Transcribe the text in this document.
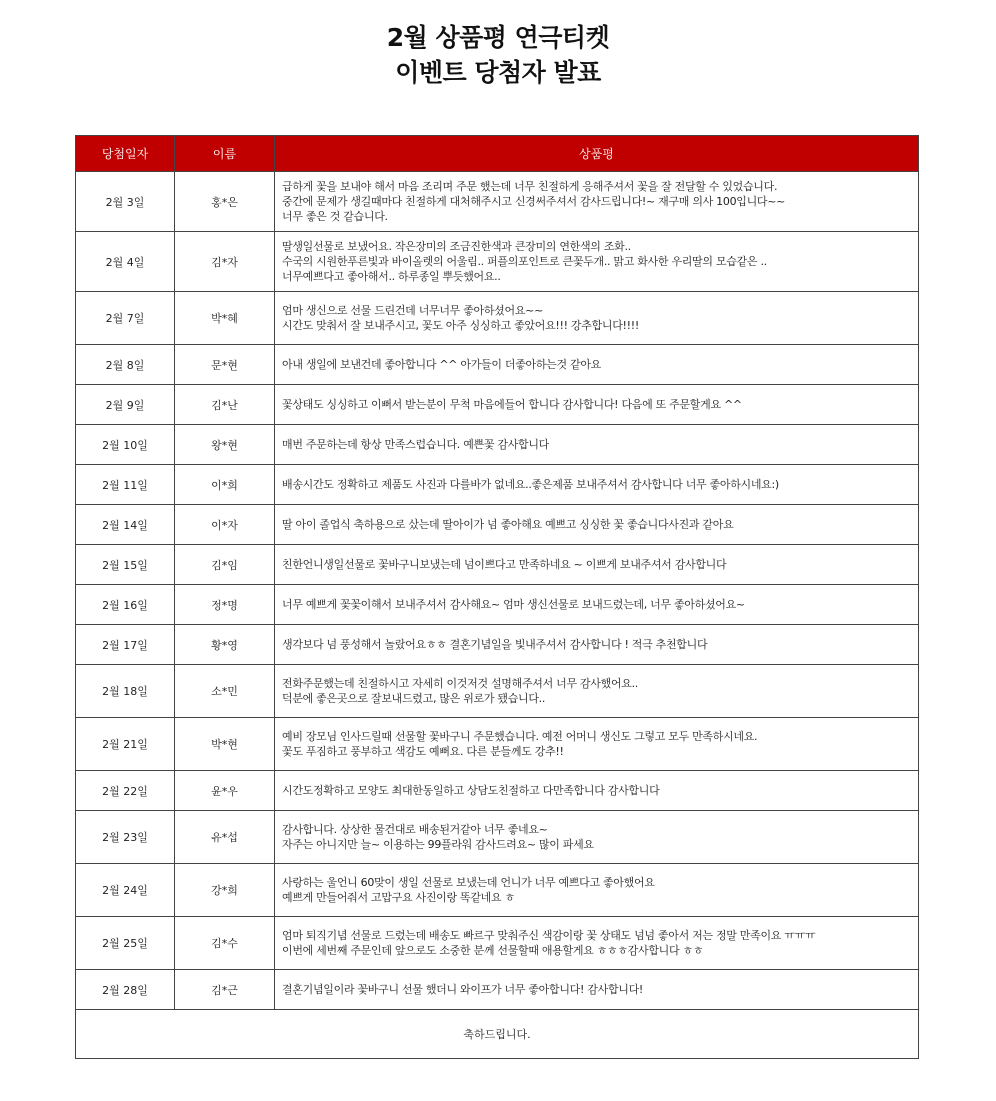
2월 상품평 연극티켓
이벤트 당첨자 발표
당첨일자	이름	상품평
2월 3일	홍*은	급하게 꽃을 보내야 해서 마음 조리며 주문 했는데 너무 친절하게 응해주셔서 꽃을 잘 전달할 수 있었습니다.
중간에 문제가 생길때마다 친절하게 대처해주시고 신경써주셔서 감사드립니다!~ 재구매 의사 100입니다~~
너무 좋은 것 같습니다.

2월 4일	김*자	딸생일선물로 보냈어요. 작은장미의 조금진한색과 큰장미의 연한색의 조화..
수국의 시원한푸른빛과 바이올렛의 어울림.. 퍼플의포인트로 큰꽃두개.. 맑고 화사한 우리딸의 모습같은 ..
너무예쁘다고 좋아해서.. 하루종일 뿌듯했어요..

2월 7일	박*혜	엄마 생신으로 선물 드린건데 너무너무 좋아하셨어요~~
시간도 맞춰서 잘 보내주시고, 꽃도 아주 싱싱하고 좋았어요!!! 강추합니다!!!!

2월 8일	문*현	아내 생일에 보낸건데 좋아합니다 ^^ 아가들이 더좋아하는것 같아요

2월 9일	김*난	꽃상태도 싱싱하고 이뻐서 받는분이 무척 마음에들어 합니다 감사합니다! 다음에 또 주문할게요 ^^

2월 10일	왕*현	매번 주문하는데 항상 만족스럽습니다. 예쁜꽃 감사합니다

2월 11일	이*희	배송시간도 정확하고 제품도 사진과 다를바가 없네요..좋은제품 보내주셔서 감사합니다 너무 좋아하시네요:)

2월 14일	이*자	딸 아이 졸업식 축하용으로 샀는데 딸아이가 넘 좋아해요 예쁘고 싱싱한 꽃 좋습니다사진과 같아요

2월 15일	김*임	친한언니생일선물로 꽃바구니보냈는데 넘이쁘다고 만족하네요 ~ 이쁘게 보내주셔서 감사합니다

2월 16일	정*명	너무 예쁘게 꽃꽃이해서 보내주셔서 감사해요~ 엄마 생신선물로 보내드렸는데, 너무 좋아하셨어요~

2월 17일	황*영	생각보다 넘 풍성해서 놀랐어요ㅎㅎ 결혼기념일을 빛내주셔서 감사합니다 ! 적극 추천합니다

2월 18일	소*민	전화주문했는데 친절하시고 자세히 이것저것 설명해주셔서 너무 감사했어요..
덕분에 좋은곳으로 잘보내드렸고, 많은 위로가 됐습니다..

2월 21일	박*현	예비 장모님 인사드릴때 선물할 꽃바구니 주문했습니다. 예전 어머니 생신도 그렇고 모두 만족하시네요.
꽃도 푸짐하고 풍부하고 색감도 예뻐요. 다른 분들께도 강추!!

2월 22일	윤*우	시간도정확하고 모양도 최대한동일하고 상담도친절하고 다만족합니다 감사합니다

2월 23일	유*섭	감사합니다. 상상한 물건대로 배송된거같아 너무 좋네요~
자주는 아니지만 늘~ 이용하는 99플라워 감사드려요~ 많이 파세요

2월 24일	강*희	사랑하는 울언니 60맞이 생일 선물로 보냈는데 언니가 너무 예쁘다고 좋아했어요
예쁘게 만들어줘서 고맙구요 사진이랑 똑같네요 ㅎ

2월 25일	김*수	엄마 퇴직기념 선물로 드렸는데 배송도 빠르구 맞춰주신 색감이랑 꽃 상태도 넘넘 좋아서 저는 정말 만족이요 ㅠㅠㅠ
이번에 세번째 주문인데 앞으로도 소중한 분께 선물할때 애용할게요 ㅎㅎㅎ감사합니다 ㅎㅎ

2월 28일	김*근	결혼기념일이라 꽃바구니 선물 했더니 와이프가 너무 좋아합니다! 감사합니다!

축하드립니다.		
